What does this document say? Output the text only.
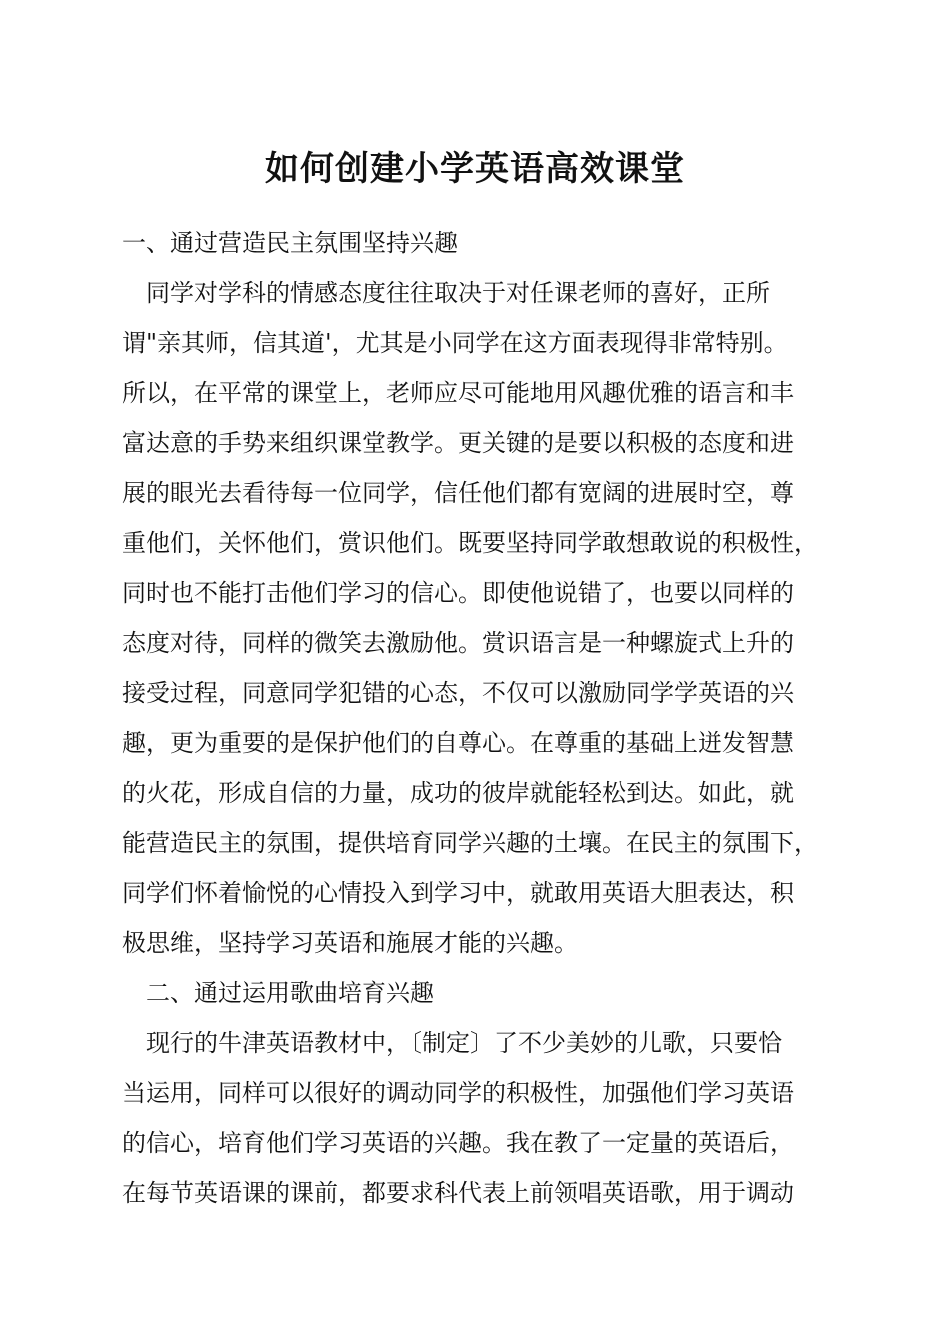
如何创建小学英语高效课堂

一、通过营造民主氛围坚持兴趣

　同学对学科的情感态度往往取决于对任课老师的喜好，正所

谓"亲其师，信其道'，尤其是小同学在这方面表现得非常特别。

所以，在平常的课堂上，老师应尽可能地用风趣优雅的语言和丰

富达意的手势来组织课堂教学。更关键的是要以积极的态度和进

展的眼光去看待每一位同学，信任他们都有宽阔的进展时空，尊

重他们，关怀他们，赏识他们。既要坚持同学敢想敢说的积极性，

同时也不能打击他们学习的信心。即使他说错了，也要以同样的

态度对待，同样的微笑去激励他。赏识语言是一种螺旋式上升的

接受过程，同意同学犯错的心态，不仅可以激励同学学英语的兴

趣，更为重要的是保护他们的自尊心。在尊重的基础上迸发智慧

的火花，形成自信的力量，成功的彼岸就能轻松到达。如此，就

能营造民主的氛围，提供培育同学兴趣的土壤。在民主的氛围下，

同学们怀着愉悦的心情投入到学习中，就敢用英语大胆表达，积

极思维，坚持学习英语和施展才能的兴趣。

　二、通过运用歌曲培育兴趣

　现行的牛津英语教材中，〔制定〕了不少美妙的儿歌，只要恰

当运用，同样可以很好的调动同学的积极性，加强他们学习英语

的信心，培育他们学习英语的兴趣。我在教了一定量的英语后，

在每节英语课的课前，都要求科代表上前领唱英语歌，用于调动
